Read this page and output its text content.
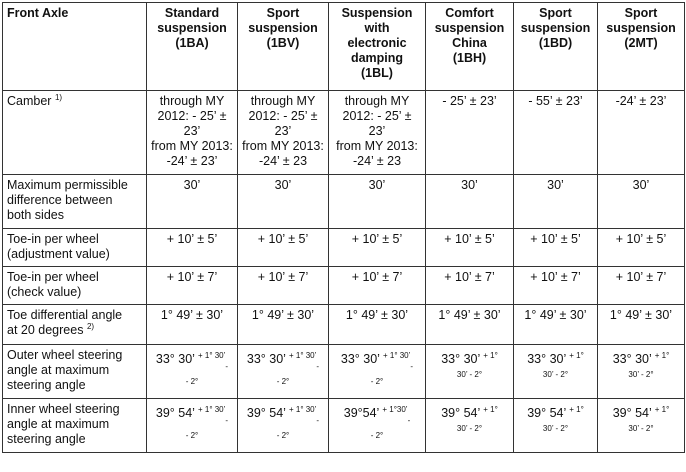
Front Axle	Standard
suspension
(1BA)	Sport
suspension
(1BV)	Suspension
with
electronic
damping
(1BL)	Comfort
suspension
China
(1BH)	Sport
suspension
(1BD)	Sport
suspension
(2MT)

Camber $^{1)}$	through MY
2012: - 25’ ±
23’
from MY 2013:
-24’ ± 23’	through MY
2012: - 25’ ±
23’
from MY 2013:
-24’ ± 23	through MY
2012: - 25’ ±
23’
from MY 2013:
-24’ ± 23	- 25’ ± 23’	- 55’ ± 23’	-24’ ± 23’

Maximum permissible
difference between
both sides	30’	30’	30’	30’	30’	30’

Toe-in per wheel
(adjustment value)	+ 10’ ± 5’	+ 10’ ± 5’	+ 10’ ± 5’	+ 10’ ± 5’	+ 10’ ± 5’	+ 10’ ± 5’

Toe-in per wheel
(check value)	+ 10’ ± 7’	+ 10’ ± 7’	+ 10’ ± 7’	+ 10’ ± 7’	+ 10’ ± 7’	+ 10’ ± 7’

Toe differential angle
at 20 degrees $^{2)}$	1° 49’ ± 30’	1° 49’ ± 30’	1° 49’ ± 30’	1° 49’ ± 30’	1° 49’ ± 30’	1° 49’ ± 30’

Outer wheel steering
angle at maximum
steering angle	33° 30’ $^{+ 1^\circ 30’}_-$
- 2°	33° 30’ $^{+ 1^\circ 30’}_-$
- 2°	33° 30’ $^{+ 1^\circ 30’}_-$
- 2°	33° 30’ $^{+ 1^\circ}$
30’ - 2°	33° 30’ $^{+ 1^\circ}$
30’ - 2°	33° 30’ $^{+ 1^\circ}$
30’ - 2°

Inner wheel steering
angle at maximum
steering angle	39° 54’ $^{+ 1^\circ 30’}_-$
- 2°	39° 54’ $^{+ 1^\circ 30’}_-$
- 2°	39°54’ $^{+ 1^\circ 30’}_-$
- 2°	39° 54’ $^{+ 1^\circ}$
30’ - 2°	39° 54’ $^{+ 1^\circ}$
30’ - 2°	39° 54’ $^{+ 1^\circ}$
30’ - 2°
